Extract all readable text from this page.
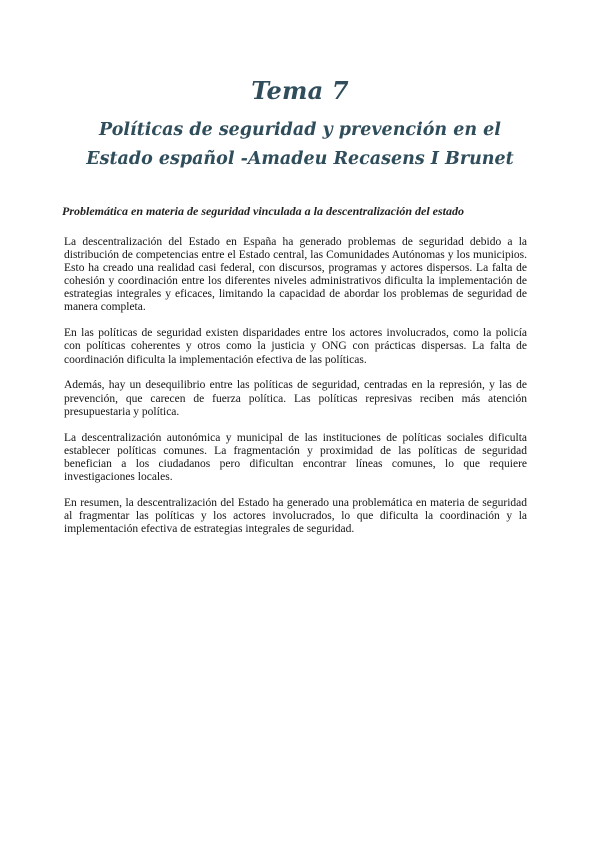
Tema 7
Políticas de seguridad y prevención en el Estado español -Amadeu Recasens I Brunet
Problemática en materia de seguridad vinculada a la descentralización del estado

La descentralización del Estado en España ha generado problemas de seguridad debido a la distribución de competencias entre el Estado central, las Comunidades Autónomas y los municipios. Esto ha creado una realidad casi federal, con discursos, programas y actores dispersos. La falta de cohesión y coordinación entre los diferentes niveles administrativos dificulta la implementación de estrategias integrales y eficaces, limitando la capacidad de abordar los problemas de seguridad de manera completa.

En las políticas de seguridad existen disparidades entre los actores involucrados, como la policía con políticas coherentes y otros como la justicia y ONG con prácticas dispersas. La falta de coordinación dificulta la implementación efectiva de las políticas.

Además, hay un desequilibrio entre las políticas de seguridad, centradas en la represión, y las de prevención, que carecen de fuerza política. Las políticas represivas reciben más atención presupuestaria y política.

La descentralización autonómica y municipal de las instituciones de políticas sociales dificulta establecer políticas comunes. La fragmentación y proximidad de las políticas de seguridad benefician a los ciudadanos pero dificultan encontrar líneas comunes, lo que requiere investigaciones locales.

En resumen, la descentralización del Estado ha generado una problemática en materia de seguridad al fragmentar las políticas y los actores involucrados, lo que dificulta la coordinación y la implementación efectiva de estrategias integrales de seguridad.
